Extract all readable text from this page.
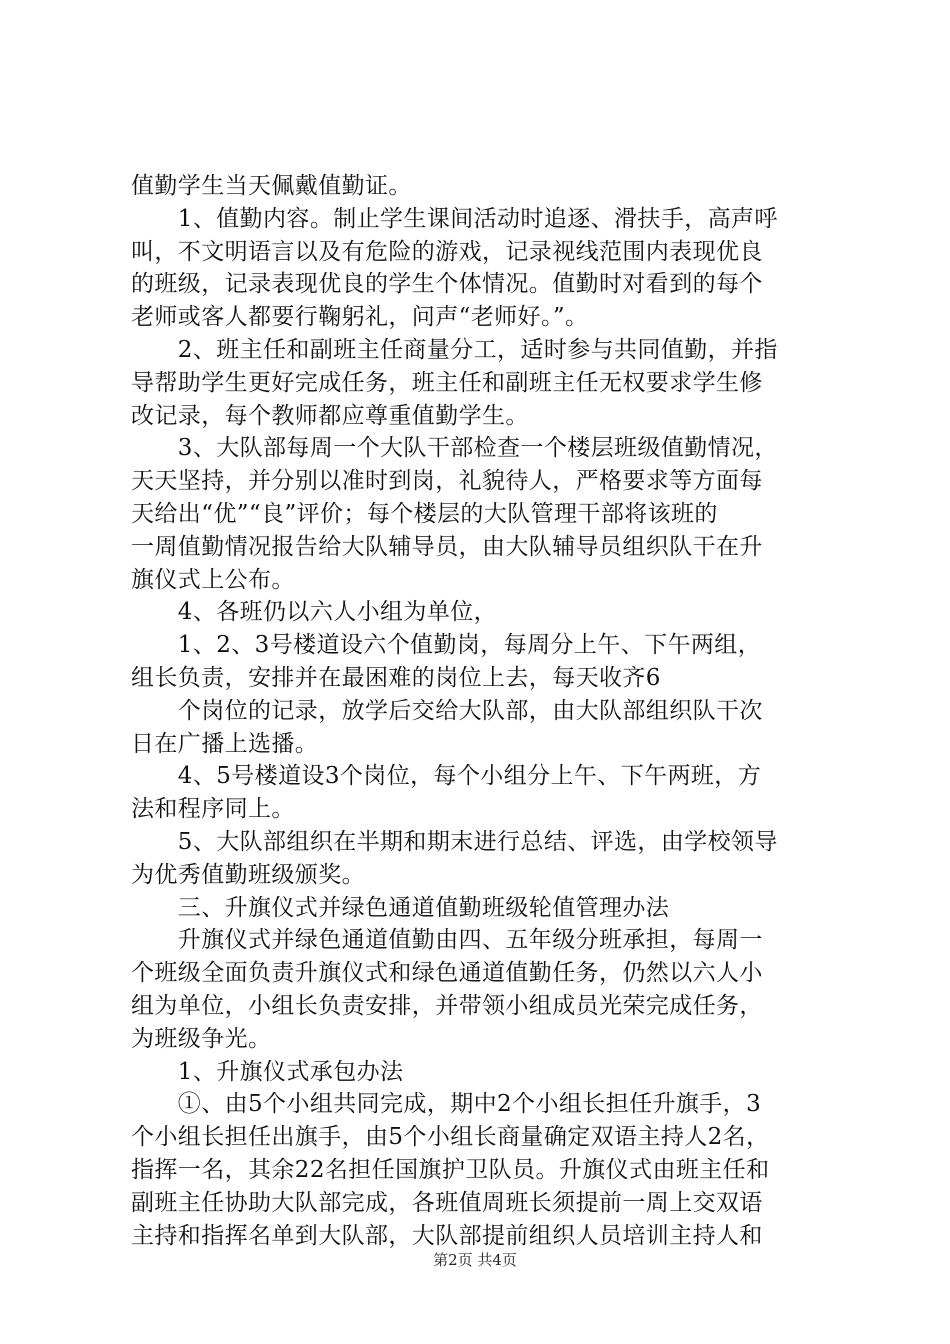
值勤学生当天佩戴值勤证。
　　1、值勤内容。制止学生课间活动时追逐、滑扶手，高声呼
叫，不文明语言以及有危险的游戏，记录视线范围内表现优良
的班级，记录表现优良的学生个体情况。值勤时对看到的每个
老师或客人都要行鞠躬礼，问声“老师好。”。
　　2、班主任和副班主任商量分工，适时参与共同值勤，并指
导帮助学生更好完成任务，班主任和副班主任无权要求学生修
改记录，每个教师都应尊重值勤学生。
　　3、大队部每周一个大队干部检查一个楼层班级值勤情况，
天天坚持，并分别以准时到岗，礼貌待人，严格要求等方面每
天给出“优”“良”评价；每个楼层的大队管理干部将该班的
一周值勤情况报告给大队辅导员，由大队辅导员组织队干在升
旗仪式上公布。
　　4、各班仍以六人小组为单位，
　　1、2、3号楼道设六个值勤岗，每周分上午、下午两组，
组长负责，安排并在最困难的岗位上去，每天收齐6
　　个岗位的记录，放学后交给大队部，由大队部组织队干次
日在广播上选播。
　　4、5号楼道设3个岗位，每个小组分上午、下午两班，方
法和程序同上。
　　5、大队部组织在半期和期末进行总结、评选，由学校领导
为优秀值勤班级颁奖。
　　三、升旗仪式并绿色通道值勤班级轮值管理办法
　　升旗仪式并绿色通道值勤由四、五年级分班承担，每周一
个班级全面负责升旗仪式和绿色通道值勤任务，仍然以六人小
组为单位，小组长负责安排，并带领小组成员光荣完成任务，
为班级争光。
　　1、升旗仪式承包办法
　　①、由5个小组共同完成，期中2个小组长担任升旗手，3
个小组长担任出旗手，由5个小组长商量确定双语主持人2名，
指挥一名，其余22名担任国旗护卫队员。升旗仪式由班主任和
副班主任协助大队部完成，各班值周班长须提前一周上交双语
主持和指挥名单到大队部，大队部提前组织人员培训主持人和
第2页 共4页
